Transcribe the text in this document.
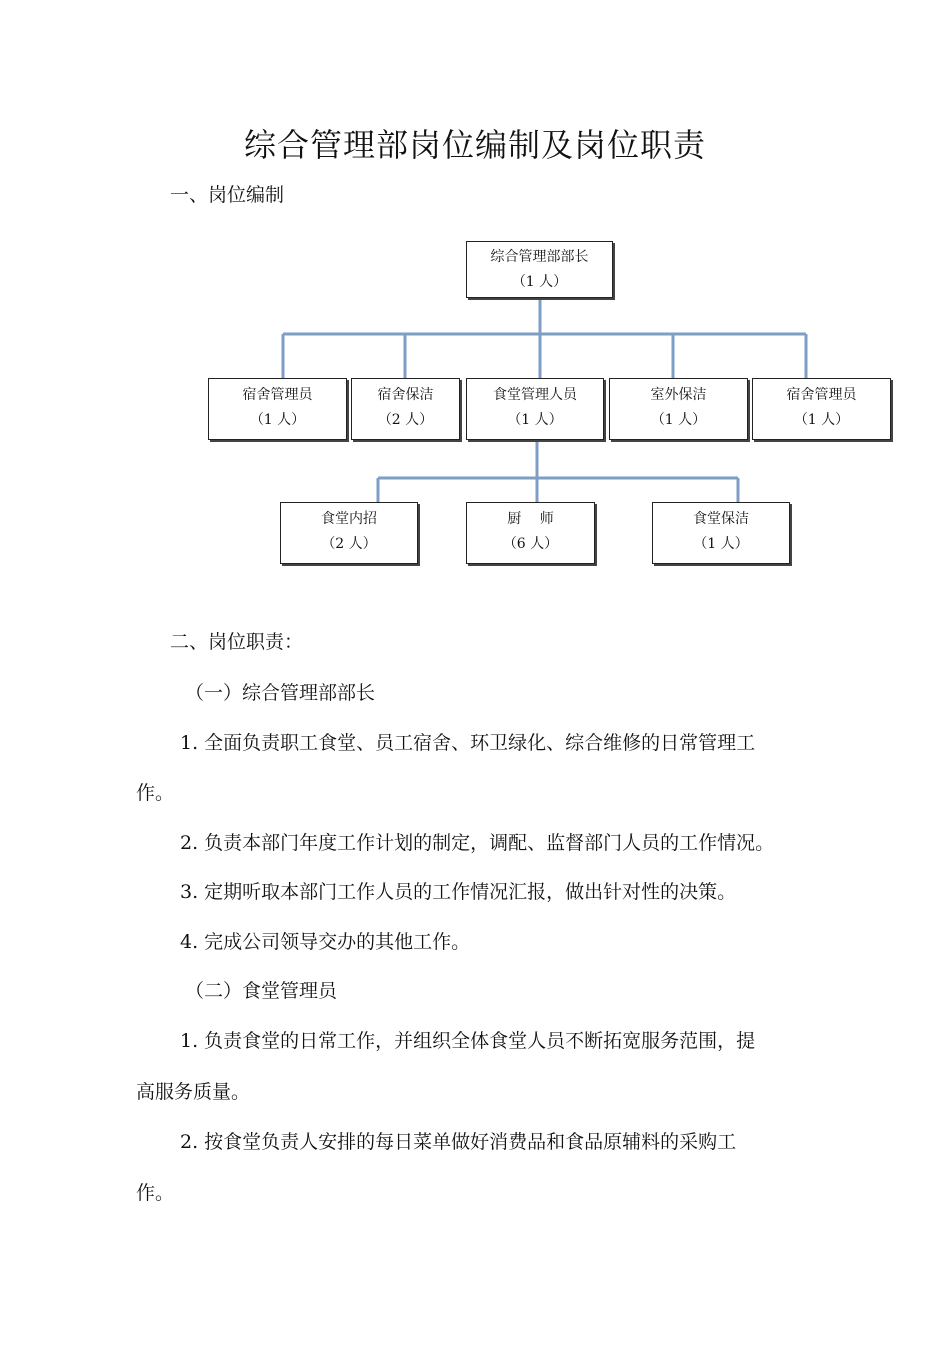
综合管理部岗位编制及岗位职责
一、岗位编制
综合管理部部长
（1 人）
宿舍管理员
（1 人）
宿舍保洁
（2 人）
食堂管理人员
（1 人）
室外保洁
（1 人）
宿舍管理员
（1 人）
食堂内招
（2 人）
厨　 师
（6 人）
食堂保洁
（1 人）
二、岗位职责：
（一）综合管理部部长
1. 全面负责职工食堂、员工宿舍、环卫绿化、综合维修的日常管理工
作。
2. 负责本部门年度工作计划的制定，调配、监督部门人员的工作情况。
3. 定期听取本部门工作人员的工作情况汇报，做出针对性的决策。
4. 完成公司领导交办的其他工作。
（二）食堂管理员
1. 负责食堂的日常工作，并组织全体食堂人员不断拓宽服务范围，提
高服务质量。
2. 按食堂负责人安排的每日菜单做好消费品和食品原辅料的采购工
作。
